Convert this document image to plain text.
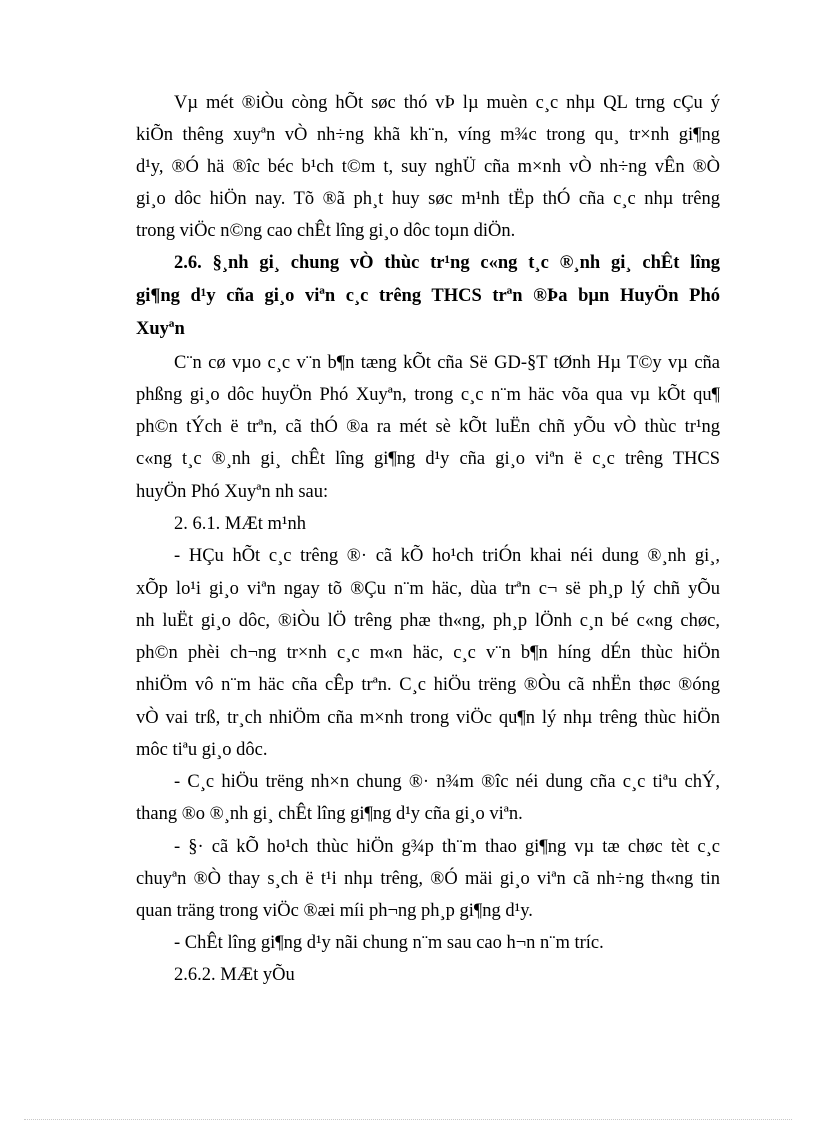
Vµ mét ®iÒu còng hÕt søc thó vÞ lµ muèn c¸c nhµ QL trng cÇu ý
kiÕn thêng xuyªn vÒ nh÷ng khã kh¨n, víng m¾c trong qu¸ tr×nh gi¶ng
d¹y, ®Ó hä ®îc béc b¹ch t©m t, suy nghÜ cña m×nh vÒ nh÷ng vÊn ®Ò
gi¸o dôc hiÖn nay. Tõ ®ã ph¸t huy søc m¹nh tËp thÓ cña c¸c nhµ trêng
trong viÖc n©ng cao chÊt lîng gi¸o dôc toµn diÖn.
2.6. §¸nh gi¸ chung vÒ thùc tr¹ng c«ng t¸c ®¸nh gi¸ chÊt lîng
gi¶ng d¹y cña gi¸o viªn c¸c trêng THCS trªn ®Þa bµn HuyÖn Phó
Xuyªn
C¨n cø vµo c¸c v¨n b¶n tæng kÕt cña Së GD-§T tØnh Hµ T©y vµ cña
phßng gi¸o dôc huyÖn Phó Xuyªn, trong c¸c n¨m häc võa qua vµ kÕt qu¶
ph©n tÝch ë trªn, cã thÓ ®a ra mét sè kÕt luËn chñ yÕu vÒ thùc tr¹ng
c«ng t¸c ®¸nh gi¸ chÊt lîng gi¶ng d¹y cña gi¸o viªn ë c¸c trêng THCS
huyÖn Phó Xuyªn nh sau:
2. 6.1. MÆt m¹nh
- HÇu hÕt c¸c trêng ®· cã kÕ ho¹ch triÓn khai néi dung ®¸nh gi¸,
xÕp lo¹i gi¸o viªn ngay tõ ®Çu n¨m häc, dùa trªn c¬ së ph¸p lý chñ yÕu
nh luËt gi¸o dôc, ®iÒu lÖ trêng phæ th«ng, ph¸p lÖnh c¸n bé c«ng chøc,
ph©n phèi ch¬ng tr×nh c¸c m«n häc, c¸c v¨n b¶n híng dÉn thùc hiÖn
nhiÖm vô n¨m häc cña cÊp trªn. C¸c hiÖu trëng ®Òu cã nhËn thøc ®óng
vÒ vai trß, tr¸ch nhiÖm cña m×nh trong viÖc qu¶n lý nhµ trêng thùc hiÖn
môc tiªu gi¸o dôc.
- C¸c hiÖu trëng nh×n chung ®· n¾m ®îc néi dung cña c¸c tiªu chÝ,
thang ®o ®¸nh gi¸ chÊt lîng gi¶ng d¹y cña gi¸o viªn.
- §· cã kÕ ho¹ch thùc hiÖn g¾p th¨m thao gi¶ng vµ tæ chøc tèt c¸c
chuyªn ®Ò thay s¸ch ë t¹i nhµ trêng, ®Ó mäi gi¸o viªn cã nh÷ng th«ng tin
quan träng trong viÖc ®æi míi ph¬ng ph¸p gi¶ng d¹y.
- ChÊt lîng gi¶ng d¹y nãi chung n¨m sau cao h¬n n¨m tríc.
2.6.2. MÆt yÕu
